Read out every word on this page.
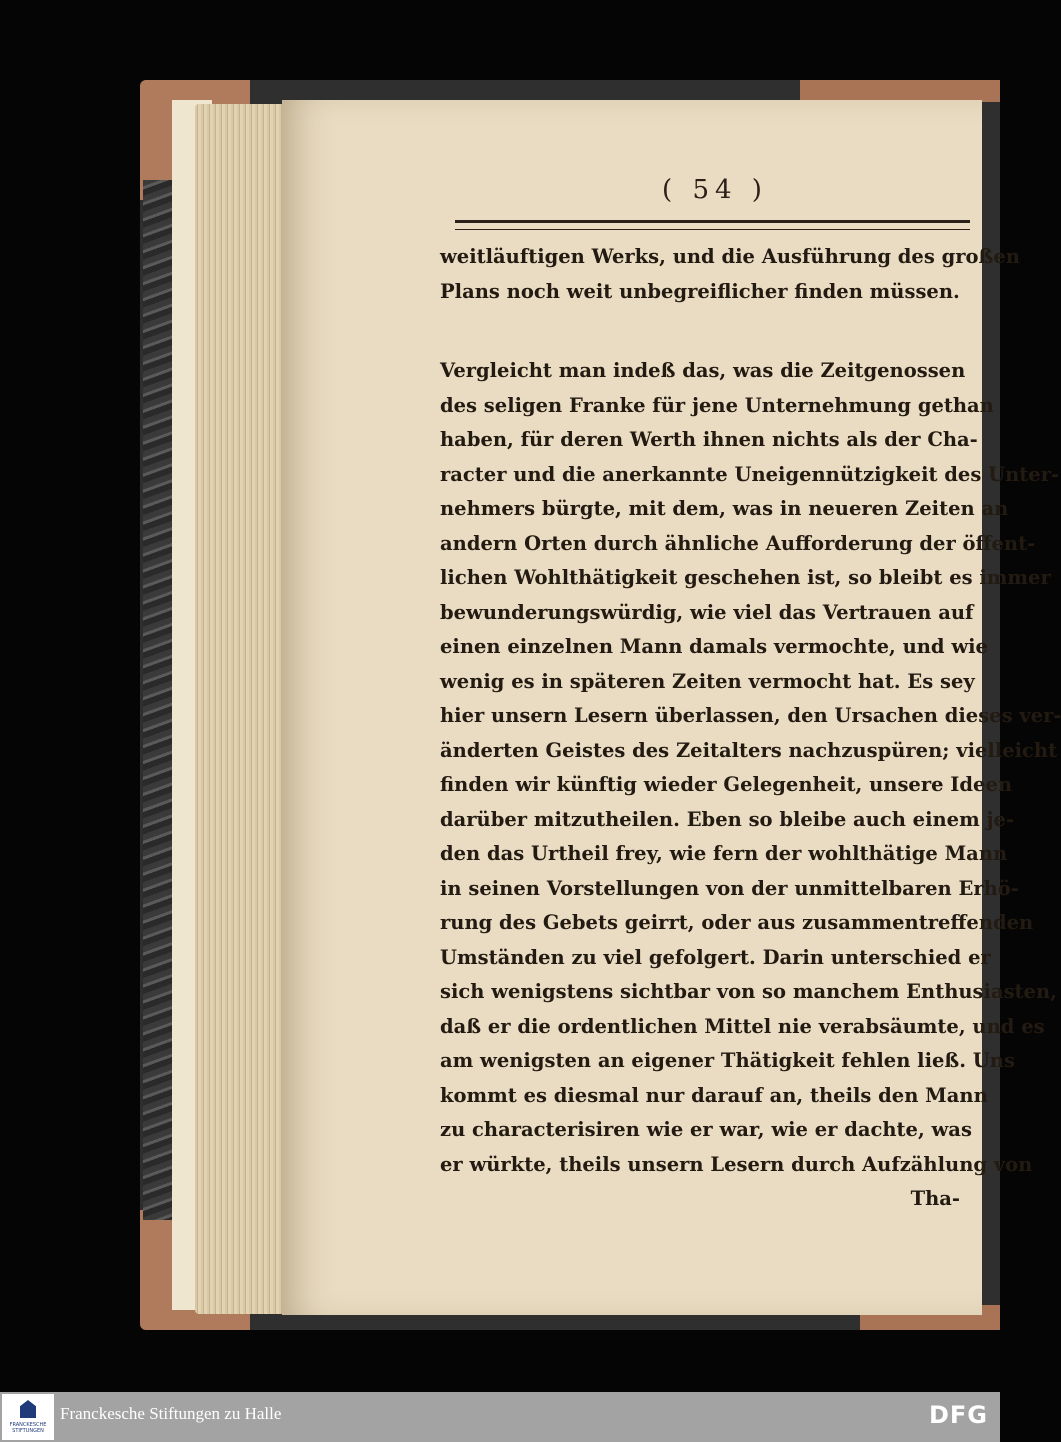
( 54 )
weitläuftigen Werks, und die Ausführung des großen
Plans noch weit unbegreiflicher finden müssen.
Vergleicht man indeß das, was die Zeitgenossen
des seligen Franke für jene Unternehmung gethan
haben, für deren Werth ihnen nichts als der Cha-
racter und die anerkannte Uneigennützigkeit des Unter-
nehmers bürgte, mit dem, was in neueren Zeiten an
andern Orten durch ähnliche Aufforderung der öffent-
lichen Wohlthätigkeit geschehen ist, so bleibt es immer
bewunderungswürdig, wie viel das Vertrauen auf
einen einzelnen Mann damals vermochte, und wie
wenig es in späteren Zeiten vermocht hat. Es sey
hier unsern Lesern überlassen, den Ursachen dieses ver-
änderten Geistes des Zeitalters nachzuspüren; vielleicht
finden wir künftig wieder Gelegenheit, unsere Ideen
darüber mitzutheilen. Eben so bleibe auch einem je-
den das Urtheil frey, wie fern der wohlthätige Mann
in seinen Vorstellungen von der unmittelbaren Erhö-
rung des Gebets geirrt, oder aus zusammentreffenden
Umständen zu viel gefolgert. Darin unterschied er
sich wenigstens sichtbar von so manchem Enthusiasten,
daß er die ordentlichen Mittel nie verabsäumte, und es
am wenigsten an eigener Thätigkeit fehlen ließ. Uns
kommt es diesmal nur darauf an, theils den Mann
zu characterisiren wie er war, wie er dachte, was
er würkte, theils unsern Lesern durch Aufzählung von
Tha-
FRANCKESCHE STIFTUNGEN
Franckesche Stiftungen zu Halle	DFG
